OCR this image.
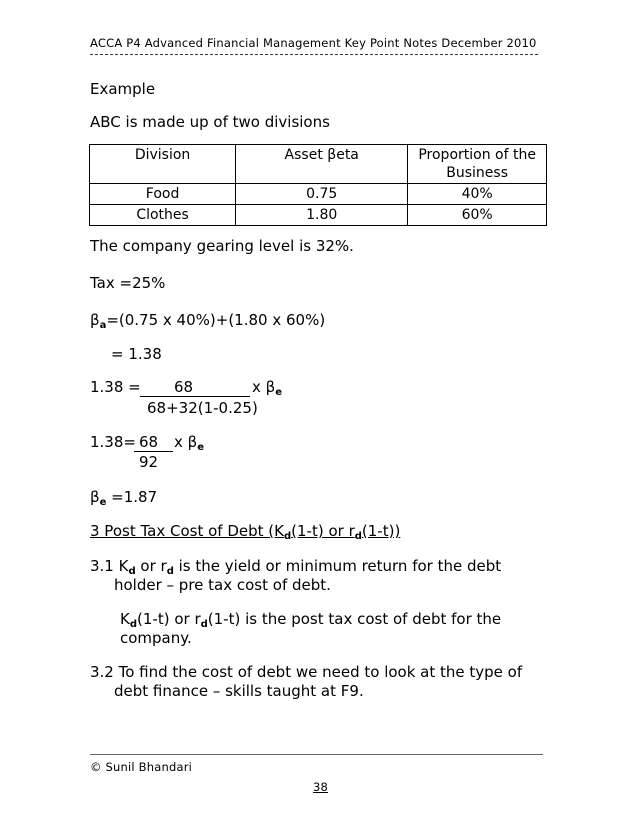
ACCA P4 Advanced Financial Management Key Point Notes December 2010
Example
ABC is made up of two divisions
Division	Asset βeta	Proportion of the Business
Food	0.75	40%
Clothes	1.80	60%
The company gearing level is 32%.
Tax =25%
$\beta_a=(0.75$ x 40%)+(1.80 x 60%)
= 1.38
1.38 = 68	x $\beta_e$
68+32(1-0.25)
1.38= 68 x $\beta_e$
92
$\beta_e =1.87$
3 Post Tax Cost of Debt ($K_d(1-t)$ or $r_d(1-t)$)
3.1 $K_d$ or $r_d$ is the yield or minimum return for the debt
holder – pre tax cost of debt.
$K_d(1-t)$ or $r_d(1-t)$ is the post tax cost of debt for the
company.
3.2 To find the cost of debt we need to look at the type of
debt finance – skills taught at F9.
© Sunil Bhandari
38
